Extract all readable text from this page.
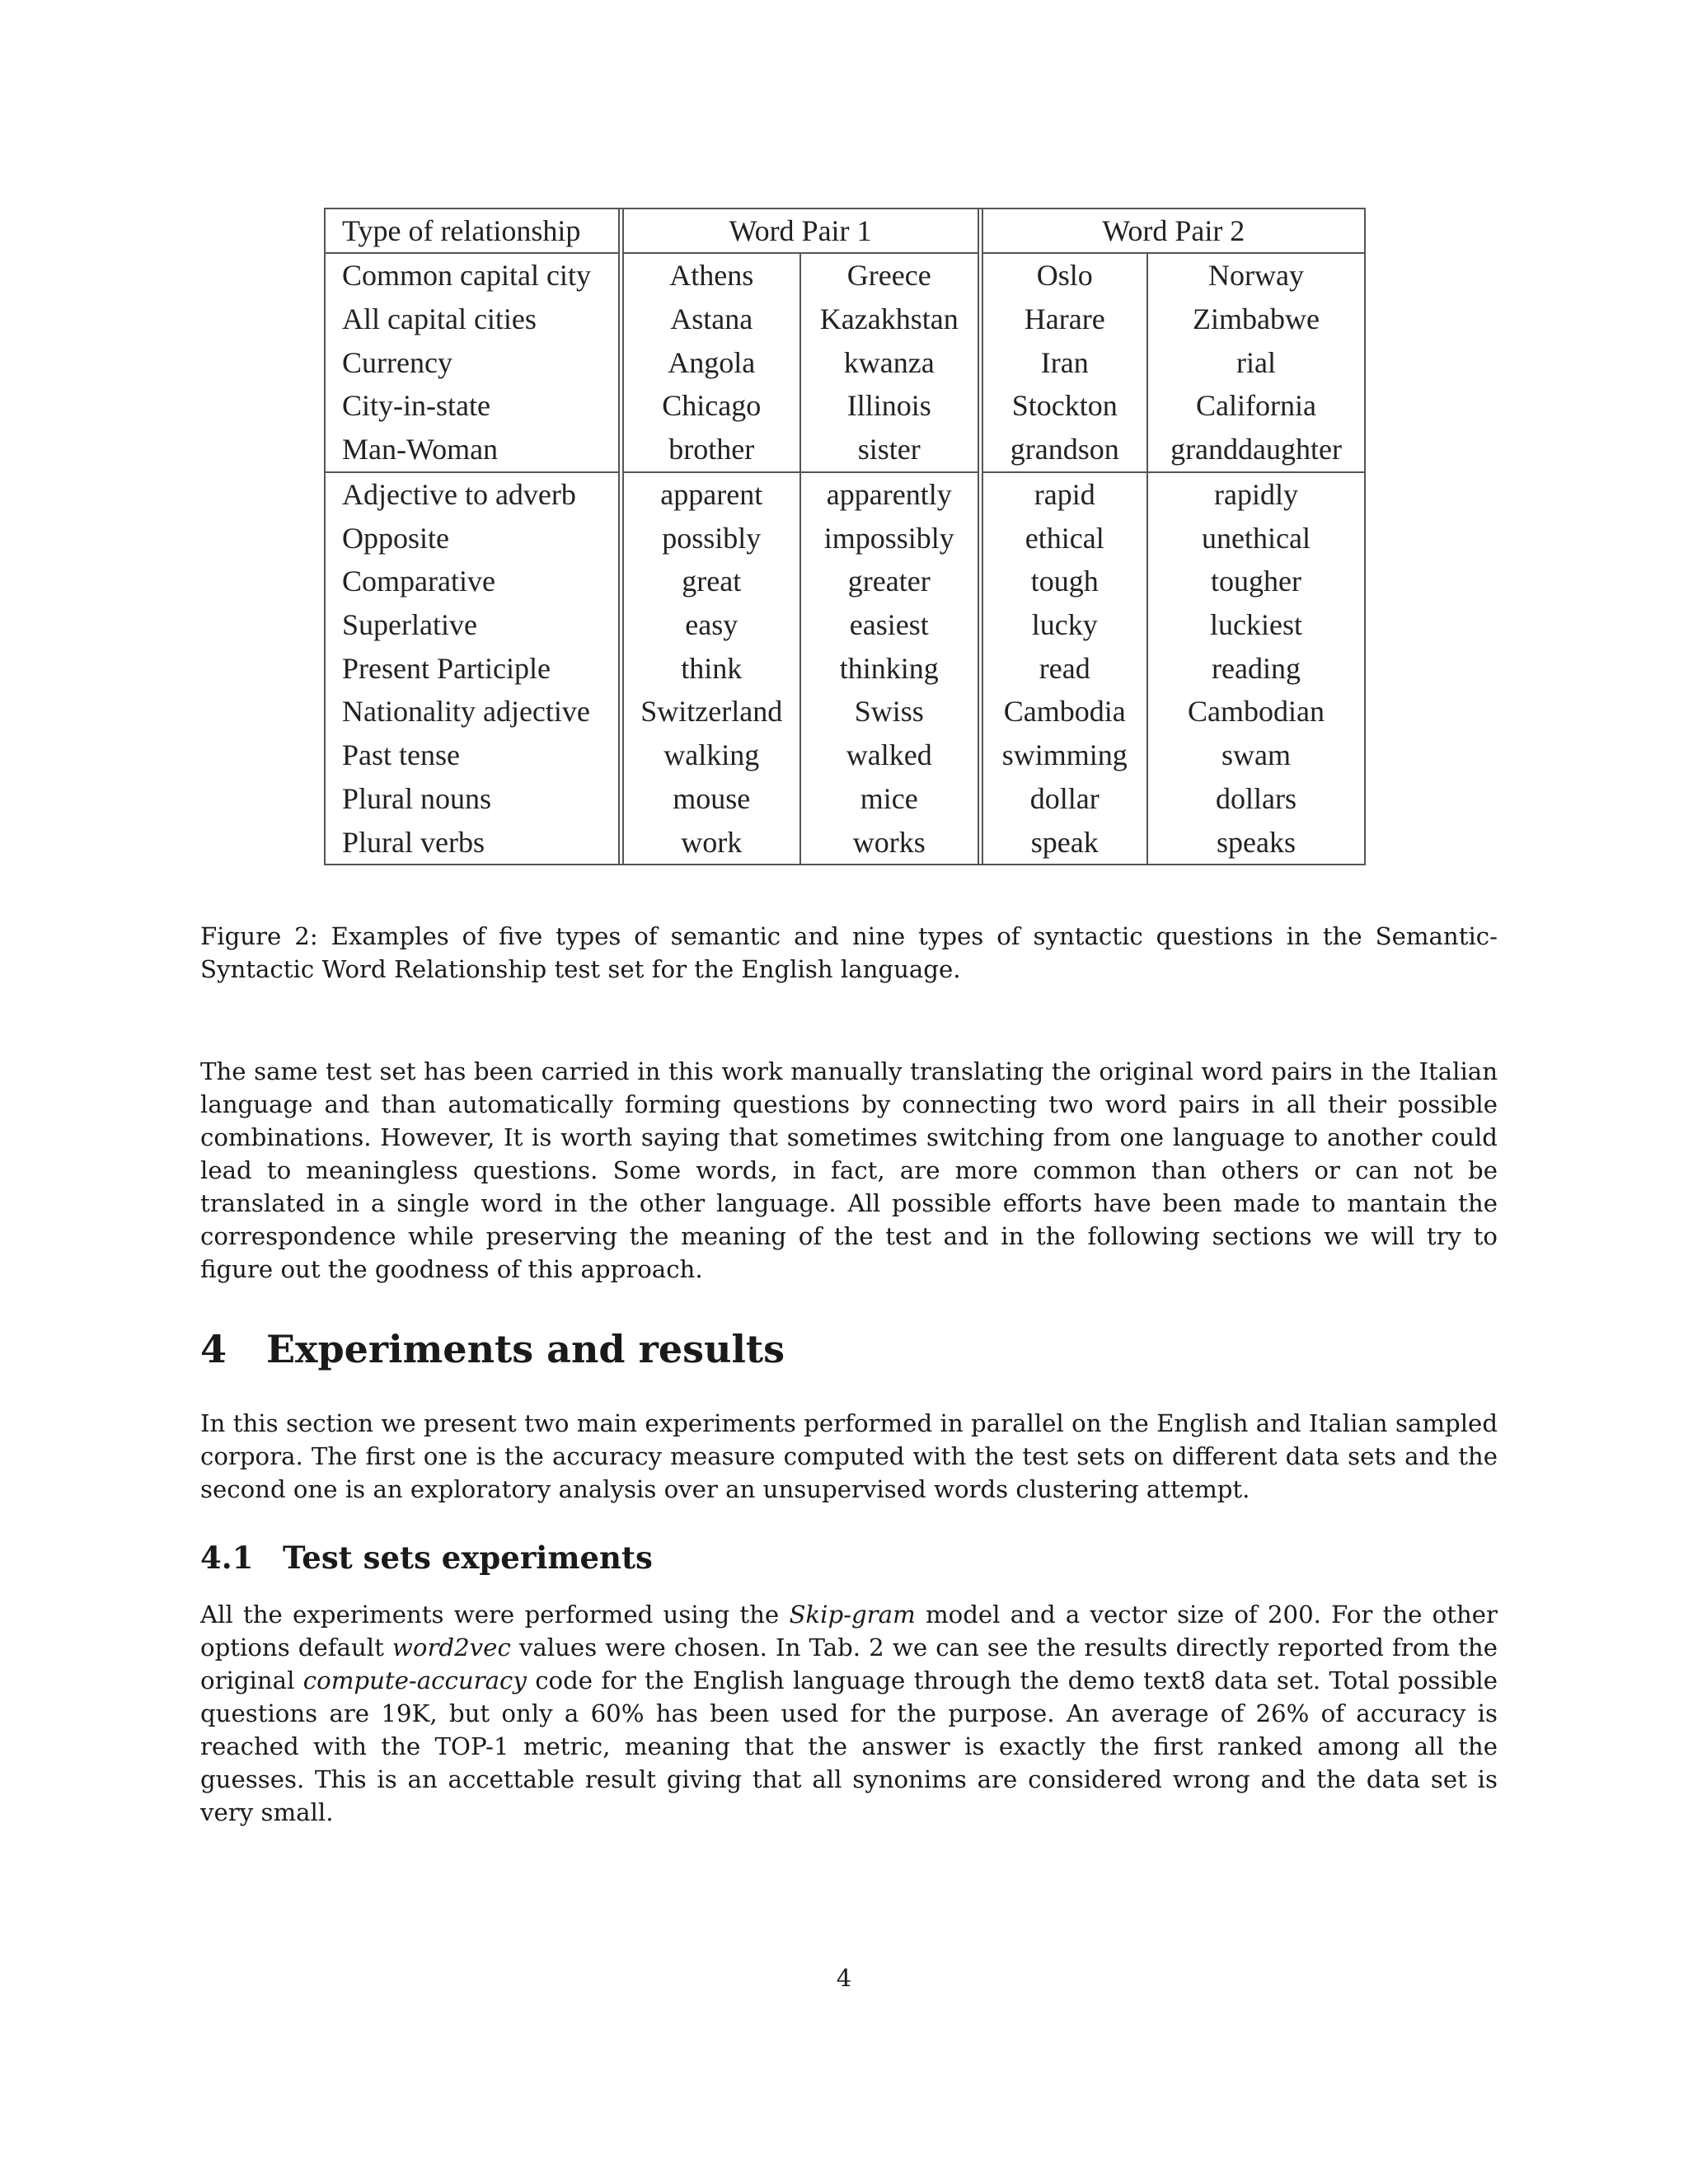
Type of relationship	Word Pair 1		Word Pair 2	
Common capital city	Athens	Greece	Oslo	Norway
All capital cities	Astana	Kazakhstan	Harare	Zimbabwe
Currency	Angola	kwanza	Iran	rial
City-in-state	Chicago	Illinois	Stockton	California
Man-Woman	brother	sister	grandson	granddaughter
Adjective to adverb	apparent	apparently	rapid	rapidly
Opposite	possibly	impossibly	ethical	unethical
Comparative	great	greater	tough	tougher
Superlative	easy	easiest	lucky	luckiest
Present Participle	think	thinking	read	reading
Nationality adjective	Switzerland	Swiss	Cambodia	Cambodian
Past tense	walking	walked	swimming	swam
Plural nouns	mouse	mice	dollar	dollars
Plural verbs	work	works	speak	speaks

Figure 2: Examples of five types of semantic and nine types of syntactic questions in the Semantic- Syntactic Word Relationship test set for the English language.

The same test set has been carried in this work manually translating the original word pairs in the Italian language and than automatically forming questions by connecting two word pairs in all their possible combinations. However, It is worth saying that sometimes switching from one language to another could lead to meaningless questions. Some words, in fact, are more common than others or can not be translated in a single word in the other language. All possible efforts have been made to mantain the correspondence while preserving the meaning of the test and in the following sections we will try to figure out the goodness of this approach.

4 Experiments and results

In this section we present two main experiments performed in parallel on the English and Italian sampled corpora. The first one is the accuracy measure computed with the test sets on different data sets and the second one is an exploratory analysis over an unsupervised words clustering attempt.

4.1 Test sets experiments

All the experiments were performed using the Skip-gram model and a vector size of 200. For the other options default word2vec values were chosen. In Tab. 2 we can see the results directly reported from the original compute-accuracy code for the English language through the demo text8 data set. Total possible questions are 19K, but only a 60% has been used for the purpose. An average of 26% of accuracy is reached with the TOP-1 metric, meaning that the answer is exactly the first ranked among all the guesses. This is an accettable result giving that all synonims are considered wrong and the data set is very small.

4
